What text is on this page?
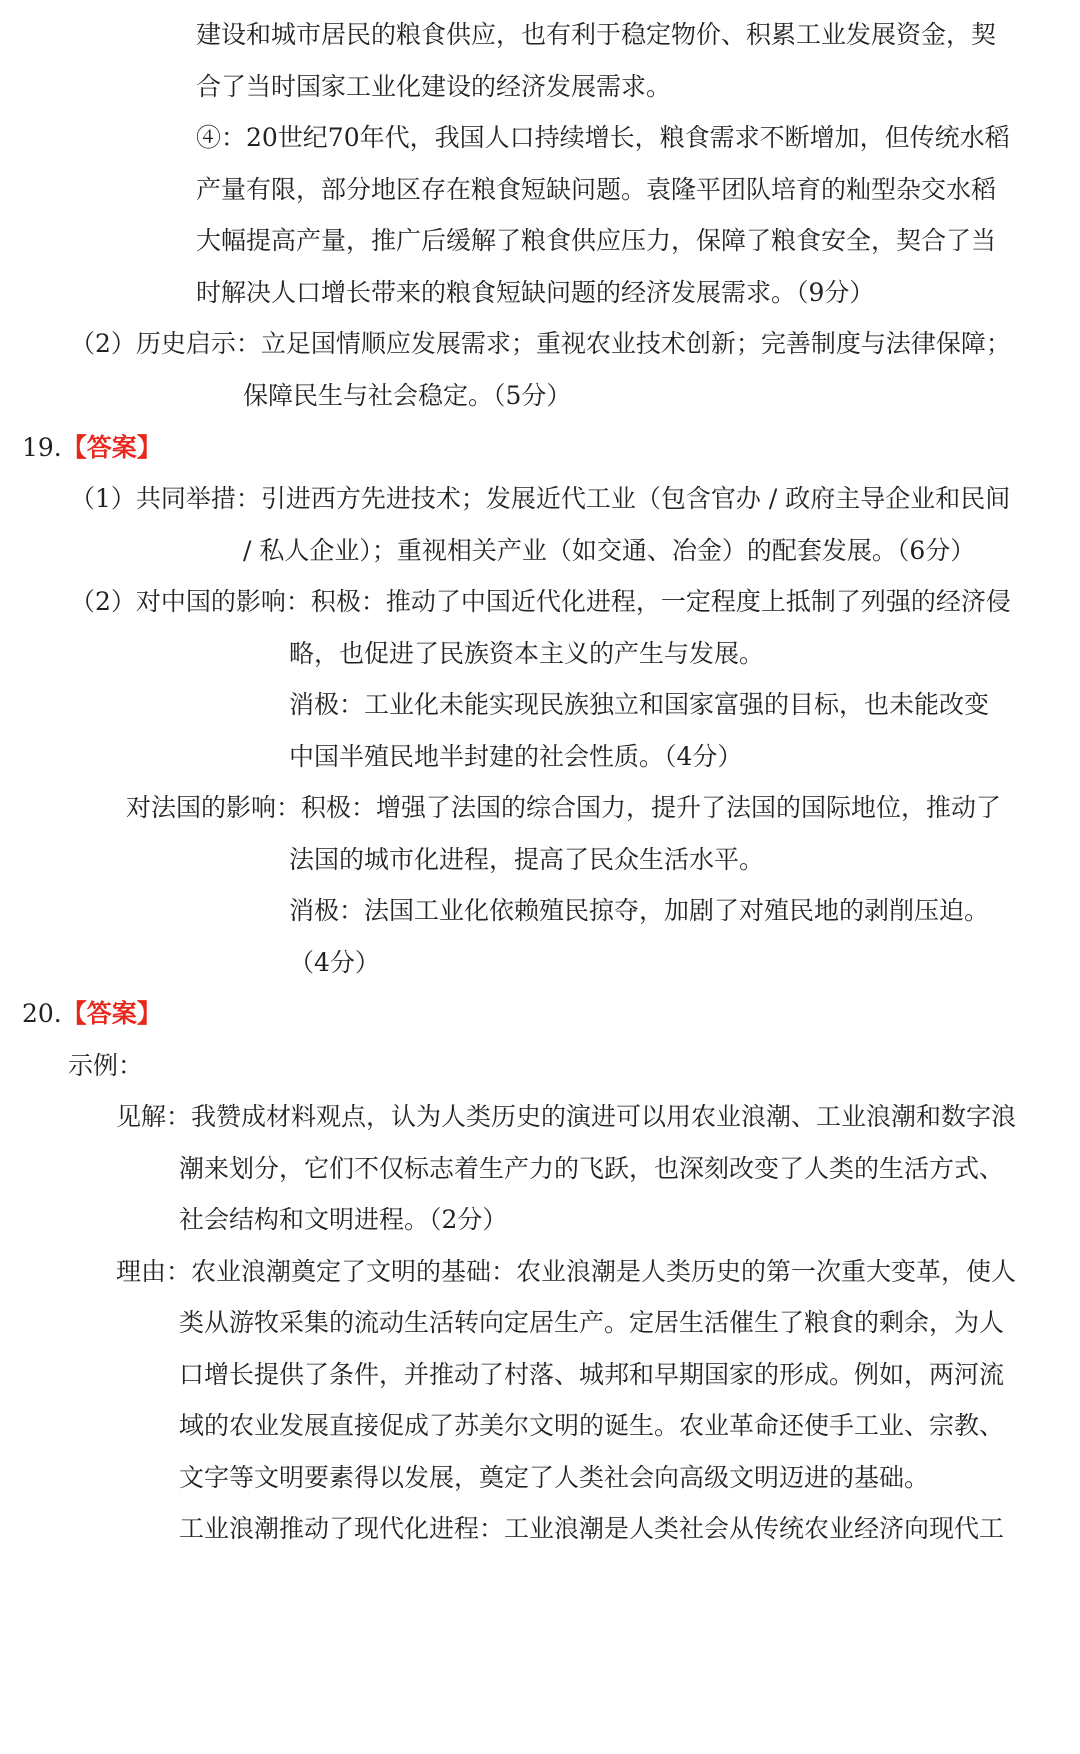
建设和城市居民的粮食供应，也有利于稳定物价、积累工业发展资金，契
合了当时国家工业化建设的经济发展需求。
④：20世纪70年代，我国人口持续增长，粮食需求不断增加，但传统水稻
产量有限，部分地区存在粮食短缺问题。袁隆平团队培育的籼型杂交水稻
大幅提高产量，推广后缓解了粮食供应压力，保障了粮食安全，契合了当
时解决人口增长带来的粮食短缺问题的经济发展需求。（9分）
（2）历史启示：立足国情顺应发展需求；重视农业技术创新；完善制度与法律保障；
保障民生与社会稳定。（5分）
19.【答案】
（1）共同举措：引进西方先进技术；发展近代工业（包含官办 / 政府主导企业和民间
/ 私人企业）；重视相关产业（如交通、冶金）的配套发展。（6分）
（2）对中国的影响：积极：推动了中国近代化进程，一定程度上抵制了列强的经济侵
略，也促进了民族资本主义的产生与发展。
消极：工业化未能实现民族独立和国家富强的目标，也未能改变
中国半殖民地半封建的社会性质。（4分）
对法国的影响：积极：增强了法国的综合国力，提升了法国的国际地位，推动了
法国的城市化进程，提高了民众生活水平。
消极：法国工业化依赖殖民掠夺，加剧了对殖民地的剥削压迫。
（4分）
20.【答案】
示例：
见解：我赞成材料观点，认为人类历史的演进可以用农业浪潮、工业浪潮和数字浪
潮来划分，它们不仅标志着生产力的飞跃，也深刻改变了人类的生活方式、
社会结构和文明进程。（2分）
理由：农业浪潮奠定了文明的基础：农业浪潮是人类历史的第一次重大变革，使人
类从游牧采集的流动生活转向定居生产。定居生活催生了粮食的剩余，为人
口增长提供了条件，并推动了村落、城邦和早期国家的形成。例如，两河流
域的农业发展直接促成了苏美尔文明的诞生。农业革命还使手工业、宗教、
文字等文明要素得以发展，奠定了人类社会向高级文明迈进的基础。
工业浪潮推动了现代化进程：工业浪潮是人类社会从传统农业经济向现代工
